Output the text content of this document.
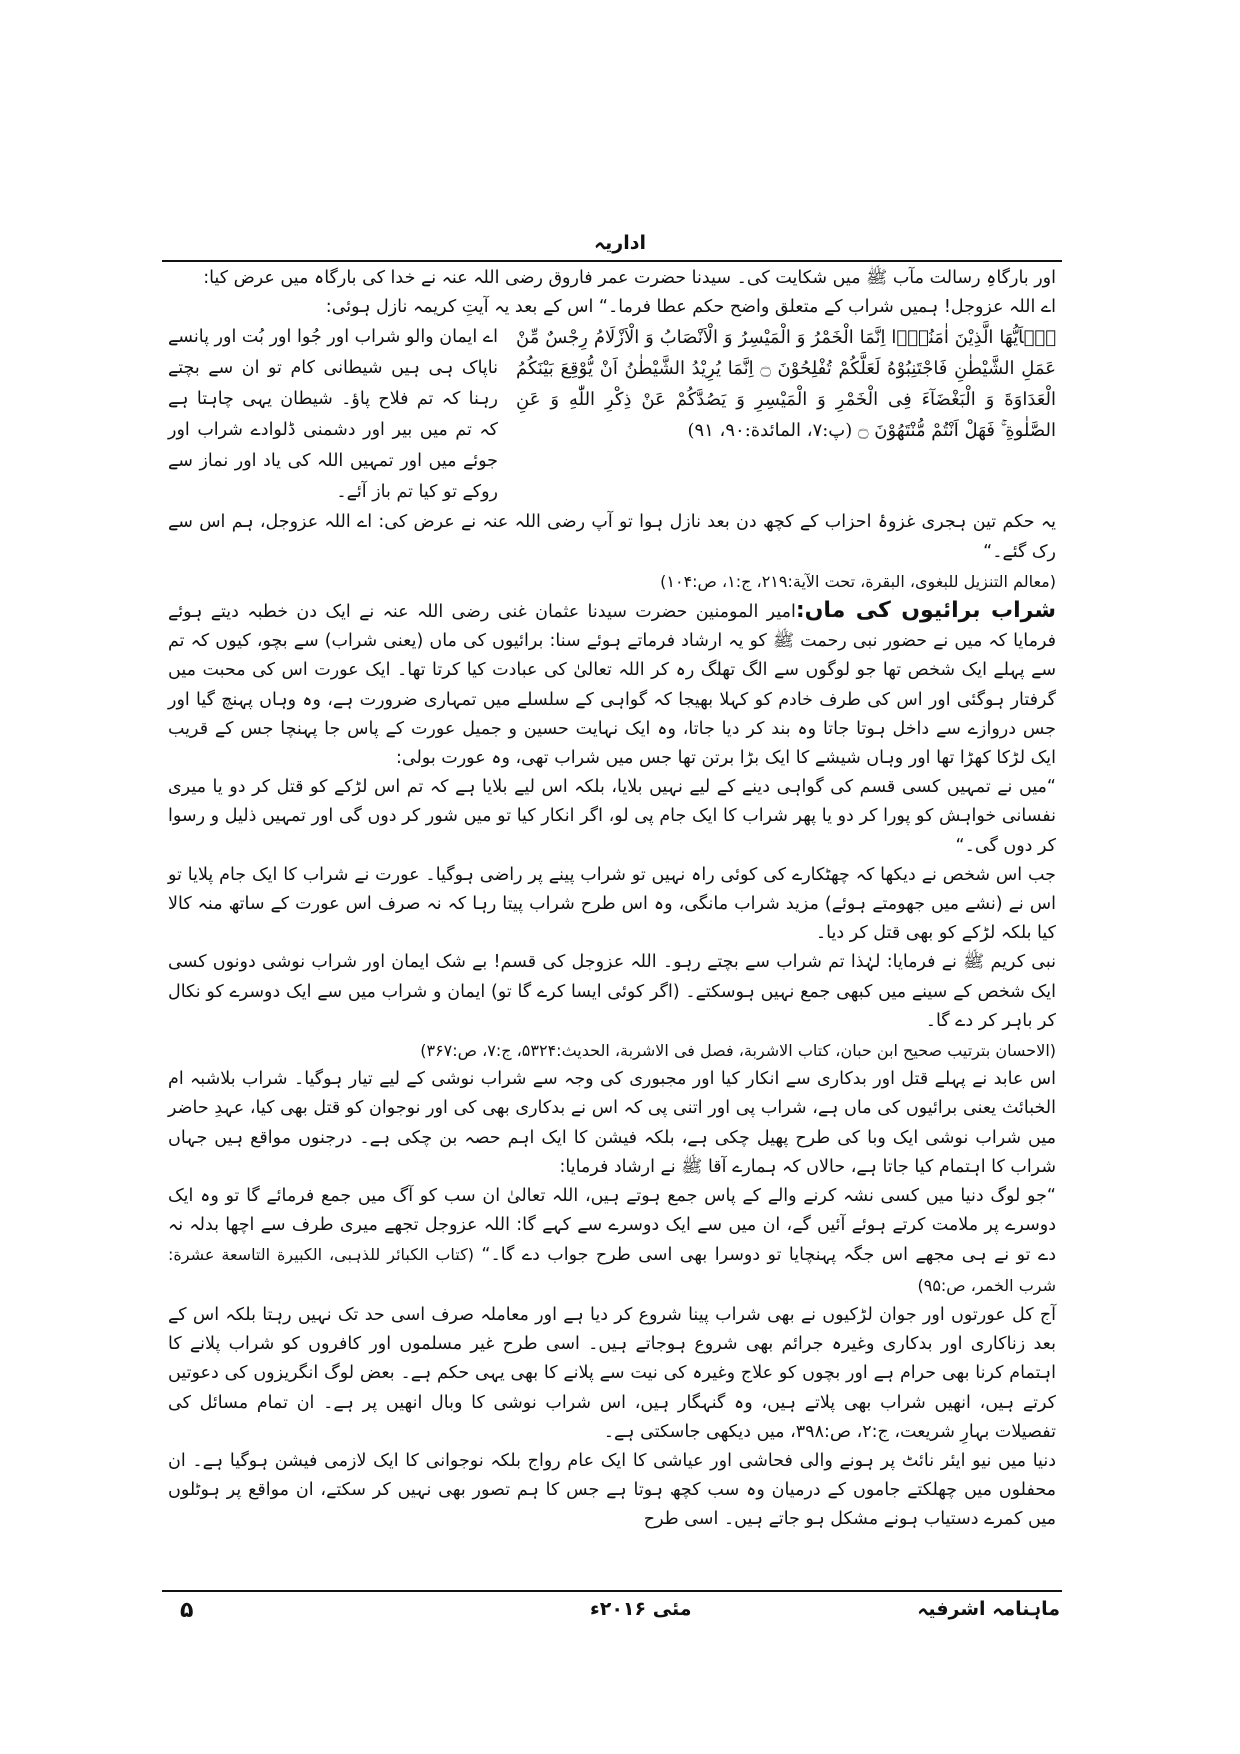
اداریہ

اور بارگاہِ رسالت مآب ﷺ میں شکایت کی۔ سیدنا حضرت عمر فاروق رضی اللہ عنہ نے خدا کی بارگاہ میں عرض کیا:

اے اللہ عزوجل! ہمیں شراب کے متعلق واضح حکم عطا فرما۔“ اس کے بعد یہ آیتِ کریمہ نازل ہوئی:

یٰۤاَیُّهَا الَّذِیْنَ اٰمَنُوْۤا اِنَّمَا الْخَمْرُ وَ الْمَیْسِرُ وَ الْاَنْصَابُ وَ الْاَزْلَامُ رِجْسٌ مِّنْ عَمَلِ الشَّیْطٰنِ فَاجْتَنِبُوْهُ لَعَلَّكُمْ تُفْلِحُوْنَ ۝ اِنَّمَا یُرِیْدُ الشَّیْطٰنُ اَنْ یُّوْقِعَ بَیْنَكُمُ الْعَدَاوَةَ وَ الْبَغْضَآءَ فِی الْخَمْرِ وَ الْمَیْسِرِ وَ یَصُدَّكُمْ عَنْ ذِكْرِ اللّٰهِ وَ عَنِ الصَّلٰوةِ ۚ فَهَلْ اَنْتُمْ مُّنْتَهُوْنَ ۝ (پ:۷، المائدة:۹۰، ۹۱)

اے ایمان والو شراب اور جُوا اور بُت اور پانسے ناپاک ہی ہیں شیطانی کام تو ان سے بچتے رہنا کہ تم فلاح پاؤ۔ شیطان یہی چاہتا ہے کہ تم میں بیر اور دشمنی ڈلوادے شراب اور جوئے میں اور تمہیں اللہ کی یاد اور نماز سے روکے تو کیا تم باز آئے۔

یہ حکم تین ہجری غزوۂ احزاب کے کچھ دن بعد نازل ہوا تو آپ رضی اللہ عنہ نے عرض کی: اے اللہ عزوجل، ہم اس سے رک گئے۔“

(معالم التنزیل للبغوی، البقرة، تحت الآیة:۲۱۹، ج:۱، ص:۱۰۴)

شراب برائیوں کی ماں:امیر المومنین حضرت سیدنا عثمان غنی رضی اللہ عنہ نے ایک دن خطبہ دیتے ہوئے فرمایا کہ میں نے حضور نبی رحمت ﷺ کو یہ ارشاد فرماتے ہوئے سنا: برائیوں کی ماں (یعنی شراب) سے بچو، کیوں کہ تم سے پہلے ایک شخص تھا جو لوگوں سے الگ تھلگ رہ کر اللہ تعالیٰ کی عبادت کیا کرتا تھا۔ ایک عورت اس کی محبت میں گرفتار ہوگئی اور اس کی طرف خادم کو کہلا بھیجا کہ گواہی کے سلسلے میں تمہاری ضرورت ہے، وہ وہاں پہنچ گیا اور جس دروازے سے داخل ہوتا جاتا وہ بند کر دیا جاتا، وہ ایک نہایت حسین و جمیل عورت کے پاس جا پہنچا جس کے قریب ایک لڑکا کھڑا تھا اور وہاں شیشے کا ایک بڑا برتن تھا جس میں شراب تھی، وہ عورت بولی:

“میں نے تمہیں کسی قسم کی گواہی دینے کے لیے نہیں بلایا، بلکہ اس لیے بلایا ہے کہ تم اس لڑکے کو قتل کر دو یا میری نفسانی خواہش کو پورا کر دو یا پھر شراب کا ایک جام پی لو، اگر انکار کیا تو میں شور کر دوں گی اور تمہیں ذلیل و رسوا کر دوں گی۔“

جب اس شخص نے دیکھا کہ چھٹکارے کی کوئی راہ نہیں تو شراب پینے پر راضی ہوگیا۔ عورت نے شراب کا ایک جام پلایا تو اس نے (نشے میں جھومتے ہوئے) مزید شراب مانگی، وہ اس طرح شراب پیتا رہا کہ نہ صرف اس عورت کے ساتھ منہ کالا کیا بلکہ لڑکے کو بھی قتل کر دیا۔

نبی کریم ﷺ نے فرمایا: لہٰذا تم شراب سے بچتے رہو۔ اللہ عزوجل کی قسم! بے شک ایمان اور شراب نوشی دونوں کسی ایک شخص کے سینے میں کبھی جمع نہیں ہوسکتے۔ (اگر کوئی ایسا کرے گا تو) ایمان و شراب میں سے ایک دوسرے کو نکال کر باہر کر دے گا۔

(الاحسان بترتیب صحیح ابن حبان، کتاب الاشربة، فصل فی الاشربة، الحدیث:۵۳۲۴، ج:۷، ص:۳۶۷)

اس عابد نے پہلے قتل اور بدکاری سے انکار کیا اور مجبوری کی وجہ سے شراب نوشی کے لیے تیار ہوگیا۔ شراب بلاشبہ ام الخبائث یعنی برائیوں کی ماں ہے، شراب پی اور اتنی پی کہ اس نے بدکاری بھی کی اور نوجوان کو قتل بھی کیا، عہدِ حاضر میں شراب نوشی ایک وبا کی طرح پھیل چکی ہے، بلکہ فیشن کا ایک اہم حصہ بن چکی ہے۔ درجنوں مواقع ہیں جہاں شراب کا اہتمام کیا جاتا ہے، حالاں کہ ہمارے آقا ﷺ نے ارشاد فرمایا:

“جو لوگ دنیا میں کسی نشہ کرنے والے کے پاس جمع ہوتے ہیں، اللہ تعالیٰ ان سب کو آگ میں جمع فرمائے گا تو وہ ایک دوسرے پر ملامت کرتے ہوئے آئیں گے، ان میں سے ایک دوسرے سے کہے گا: اللہ عزوجل تجھے میری طرف سے اچھا بدلہ نہ دے تو نے ہی مجھے اس جگہ پہنچایا تو دوسرا بھی اسی طرح جواب دے گا۔“ (کتاب الکبائر للذہبی، الکبیرة التاسعة عشرة: شرب الخمر، ص:۹۵)

آج کل عورتوں اور جوان لڑکیوں نے بھی شراب پینا شروع کر دیا ہے اور معاملہ صرف اسی حد تک نہیں رہتا بلکہ اس کے بعد زناکاری اور بدکاری وغیرہ جرائم بھی شروع ہوجاتے ہیں۔ اسی طرح غیر مسلموں اور کافروں کو شراب پلانے کا اہتمام کرنا بھی حرام ہے اور بچوں کو علاج وغیرہ کی نیت سے پلانے کا بھی یہی حکم ہے۔ بعض لوگ انگریزوں کی دعوتیں کرتے ہیں، انھیں شراب بھی پلاتے ہیں، وہ گنہگار ہیں، اس شراب نوشی کا وبال انھیں پر ہے۔ ان تمام مسائل کی تفصیلات بہارِ شریعت، ج:۲، ص:۳۹۸، میں دیکھی جاسکتی ہے۔

دنیا میں نیو ایئر نائٹ پر ہونے والی فحاشی اور عیاشی کا ایک عام رواج بلکہ نوجوانی کا ایک لازمی فیشن ہوگیا ہے۔ ان محفلوں میں چھلکتے جاموں کے درمیان وہ سب کچھ ہوتا ہے جس کا ہم تصور بھی نہیں کر سکتے، ان مواقع پر ہوٹلوں میں کمرے دستیاب ہونے مشکل ہو جاتے ہیں۔ اسی طرح

ماہنامہ اشرفیہ
مئی ۲۰۱۶ء
۵
